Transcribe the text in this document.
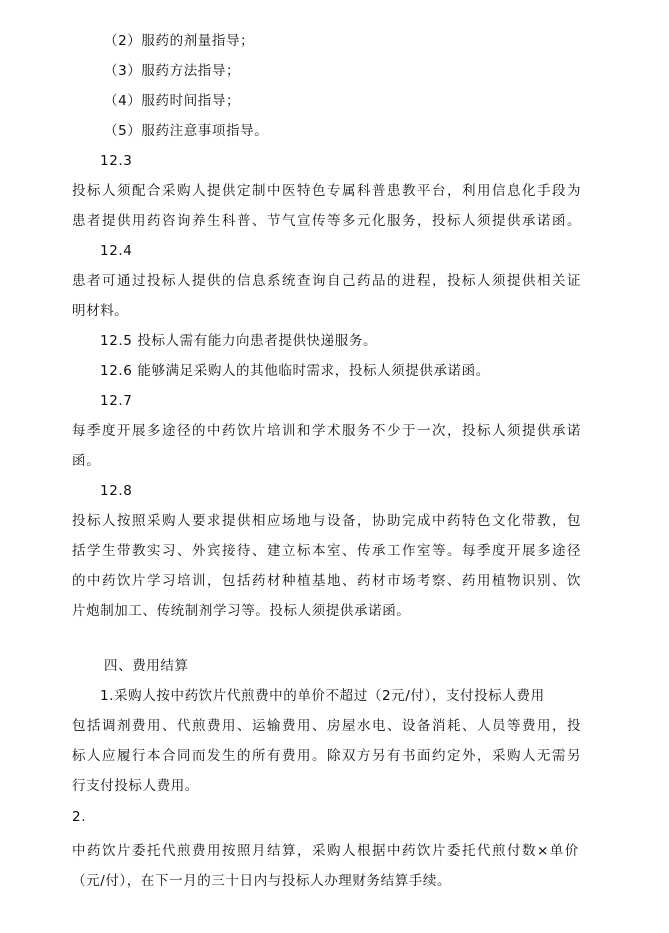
（2）服药的剂量指导；
（3）服药方法指导；
（4）服药时间指导；
（5）服药注意事项指导。
12.3
投标人须配合采购人提供定制中医特色专属科普患教平台，利用信息化手段为
患者提供用药咨询养生科普、节气宣传等多元化服务，投标人须提供承诺函。
12.4
患者可通过投标人提供的信息系统查询自己药品的进程，投标人须提供相关证
明材料。
12.5 投标人需有能力向患者提供快递服务。
12.6 能够满足采购人的其他临时需求，投标人须提供承诺函。
12.7
每季度开展多途径的中药饮片培训和学术服务不少于一次，投标人须提供承诺
函。
12.8
投标人按照采购人要求提供相应场地与设备，协助完成中药特色文化带教，包
括学生带教实习、外宾接待、建立标本室、传承工作室等。每季度开展多途径
的中药饮片学习培训，包括药材种植基地、药材市场考察、药用植物识别、饮
片炮制加工、传统制剂学习等。投标人须提供承诺函。
四、费用结算
1.采购人按中药饮片代煎费中的单价不超过（2元/付），支付投标人费用
包括调剂费用、代煎费用、运输费用、房屋水电、设备消耗、人员等费用，投
标人应履行本合同而发生的所有费用。除双方另有书面约定外，采购人无需另
行支付投标人费用。
2.
中药饮片委托代煎费用按照月结算，采购人根据中药饮片委托代煎付数×单价
（元/付），在下一月的三十日内与投标人办理财务结算手续。
